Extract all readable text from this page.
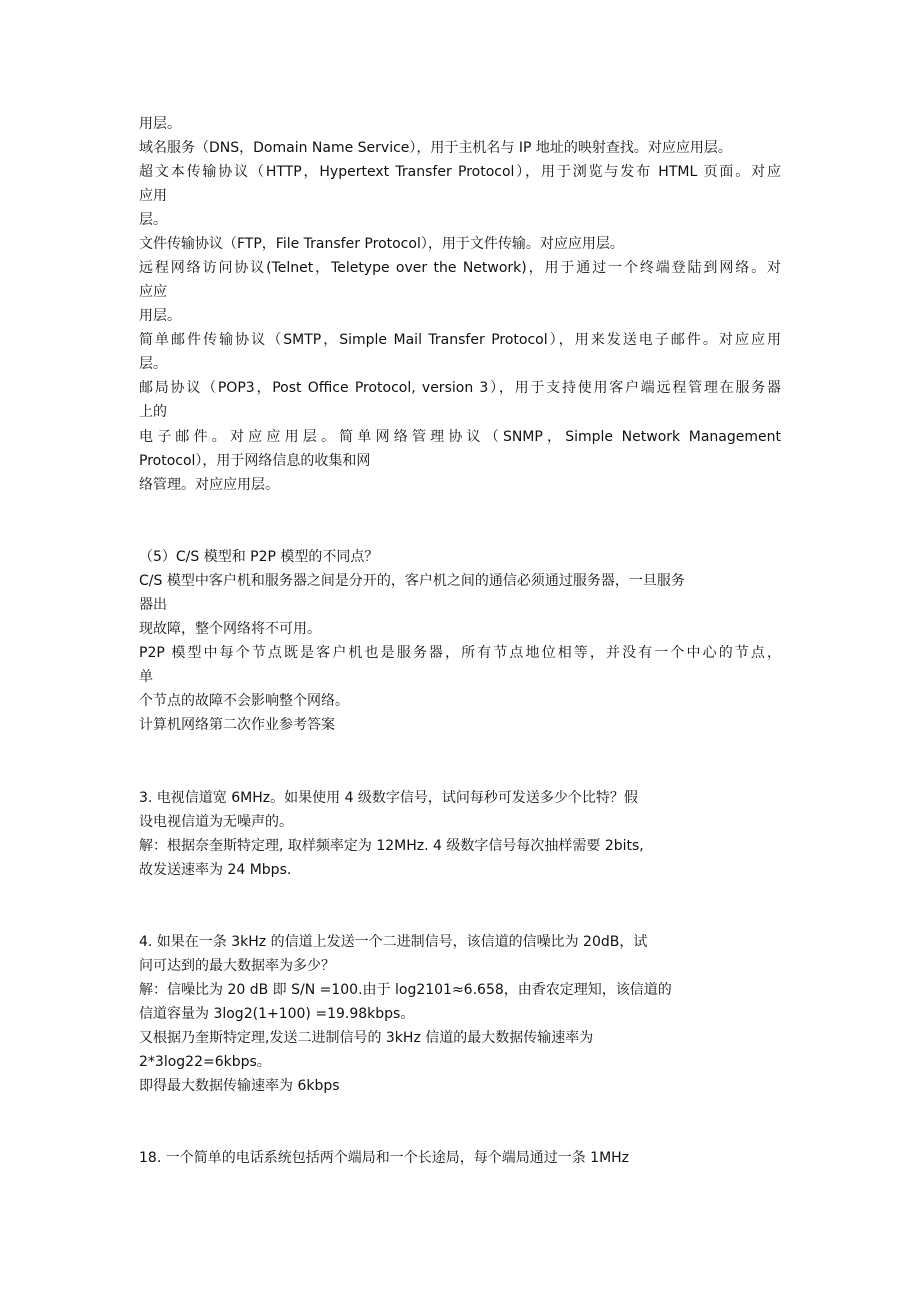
用层。
域名服务（DNS，Domain Name Service），用于主机名与 IP 地址的映射查找。对应应用层。
超文本传输协议（HTTP，Hypertext Transfer Protocol），用于浏览与发布 HTML 页面。对应
应用
层。
文件传输协议（FTP，File Transfer Protocol），用于文件传输。对应应用层。
远程网络访问协议(Telnet，Teletype over the Network)，用于通过一个终端登陆到网络。对
应应
用层。
简单邮件传输协议（SMTP，Simple Mail Transfer Protocol），用来发送电子邮件。对应应用
层。
邮局协议（POP3，Post Office Protocol, version 3），用于支持使用客户端远程管理在服务器
上的
电子邮件。对应应用层。简单网络管理协议（SNMP，Simple Network Management
Protocol），用于网络信息的收集和网
络管理。对应应用层。
（5）C/S 模型和 P2P 模型的不同点？
C/S 模型中客户机和服务器之间是分开的，客户机之间的通信必须通过服务器，一旦服务
器出
现故障，整个网络将不可用。
P2P 模型中每个节点既是客户机也是服务器，所有节点地位相等，并没有一个中心的节点，
单
个节点的故障不会影响整个网络。
计算机网络第二次作业参考答案
3. 电视信道宽 6MHz。如果使用 4 级数字信号，试问每秒可发送多少个比特？假
设电视信道为无噪声的。
解：根据奈奎斯特定理, 取样频率定为 12MHz. 4 级数字信号每次抽样需要 2bits,
故发送速率为 24 Mbps.
4. 如果在一条 3kHz 的信道上发送一个二进制信号，该信道的信噪比为 20dB，试
问可达到的最大数据率为多少？
解：信噪比为 20 dB 即 S/N =100.由于 log2101≈6.658，由香农定理知，该信道的
信道容量为 3log2(1+100) =19.98kbps。
又根据乃奎斯特定理,发送二进制信号的 3kHz 信道的最大数据传输速率为
2*3log22=6kbps。
即得最大数据传输速率为 6kbps
18. 一个简单的电话系统包括两个端局和一个长途局，每个端局通过一条 1MHz
